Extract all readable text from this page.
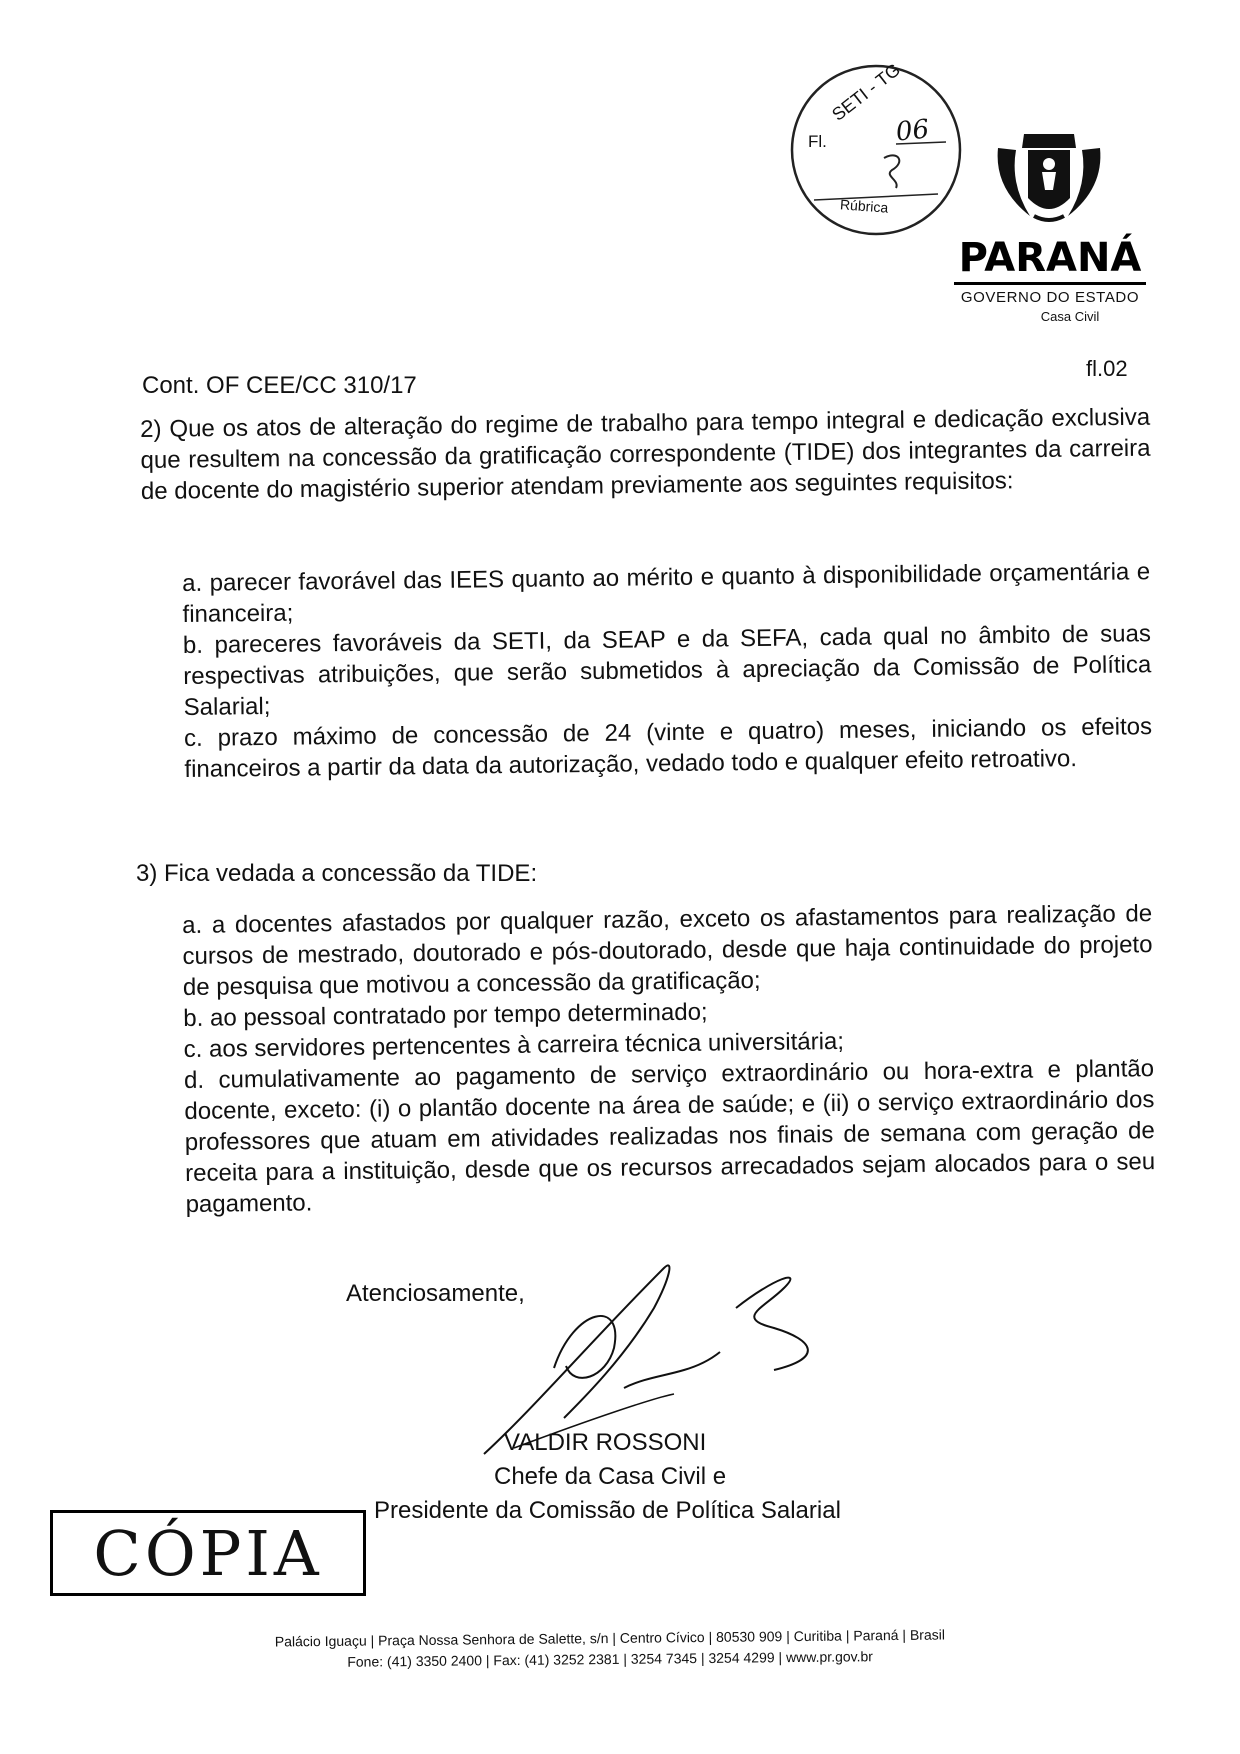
SETI - TG
Fl.	06
Rúbrica
PARANÁ
GOVERNO DO ESTADO
Casa Civil
Cont. OF CEE/CC 310/17
fl.02
2) Que os atos de alteração do regime de trabalho para tempo integral e dedicação exclusiva que resultem na concessão da gratificação correspondente (TIDE) dos integrantes da carreira de docente do magistério superior atendam previamente aos seguintes requisitos:

a. parecer favorável das IEES quanto ao mérito e quanto à disponibilidade orçamentária e financeira;

b. pareceres favoráveis da SETI, da SEAP e da SEFA, cada qual no âmbito de suas respectivas atribuições, que serão submetidos à apreciação da Comissão de Política Salarial;

c. prazo máximo de concessão de 24 (vinte e quatro) meses, iniciando os efeitos financeiros a partir da data da autorização, vedado todo e qualquer efeito retroativo.

3) Fica vedada a concessão da TIDE:

a. a docentes afastados por qualquer razão, exceto os afastamentos para realização de cursos de mestrado, doutorado e pós-doutorado, desde que haja continuidade do projeto de pesquisa que motivou a concessão da gratificação;

b. ao pessoal contratado por tempo determinado;

c. aos servidores pertencentes à carreira técnica universitária;

d. cumulativamente ao pagamento de serviço extraordinário ou hora-extra e plantão docente, exceto: (i) o plantão docente na área de saúde; e (ii) o serviço extraordinário dos professores que atuam em atividades realizadas nos finais de semana com geração de receita para a instituição, desde que os recursos arrecadados sejam alocados para o seu pagamento.

Atenciosamente,
VALDIR ROSSONI
Chefe da Casa Civil e
Presidente da Comissão de Política Salarial
CÓPIA
Palácio Iguaçu | Praça Nossa Senhora de Salette, s/n | Centro Cívico | 80530 909 | Curitiba | Paraná | Brasil
Fone: (41) 3350 2400 | Fax: (41) 3252 2381 | 3254 7345 | 3254 4299 | www.pr.gov.br
